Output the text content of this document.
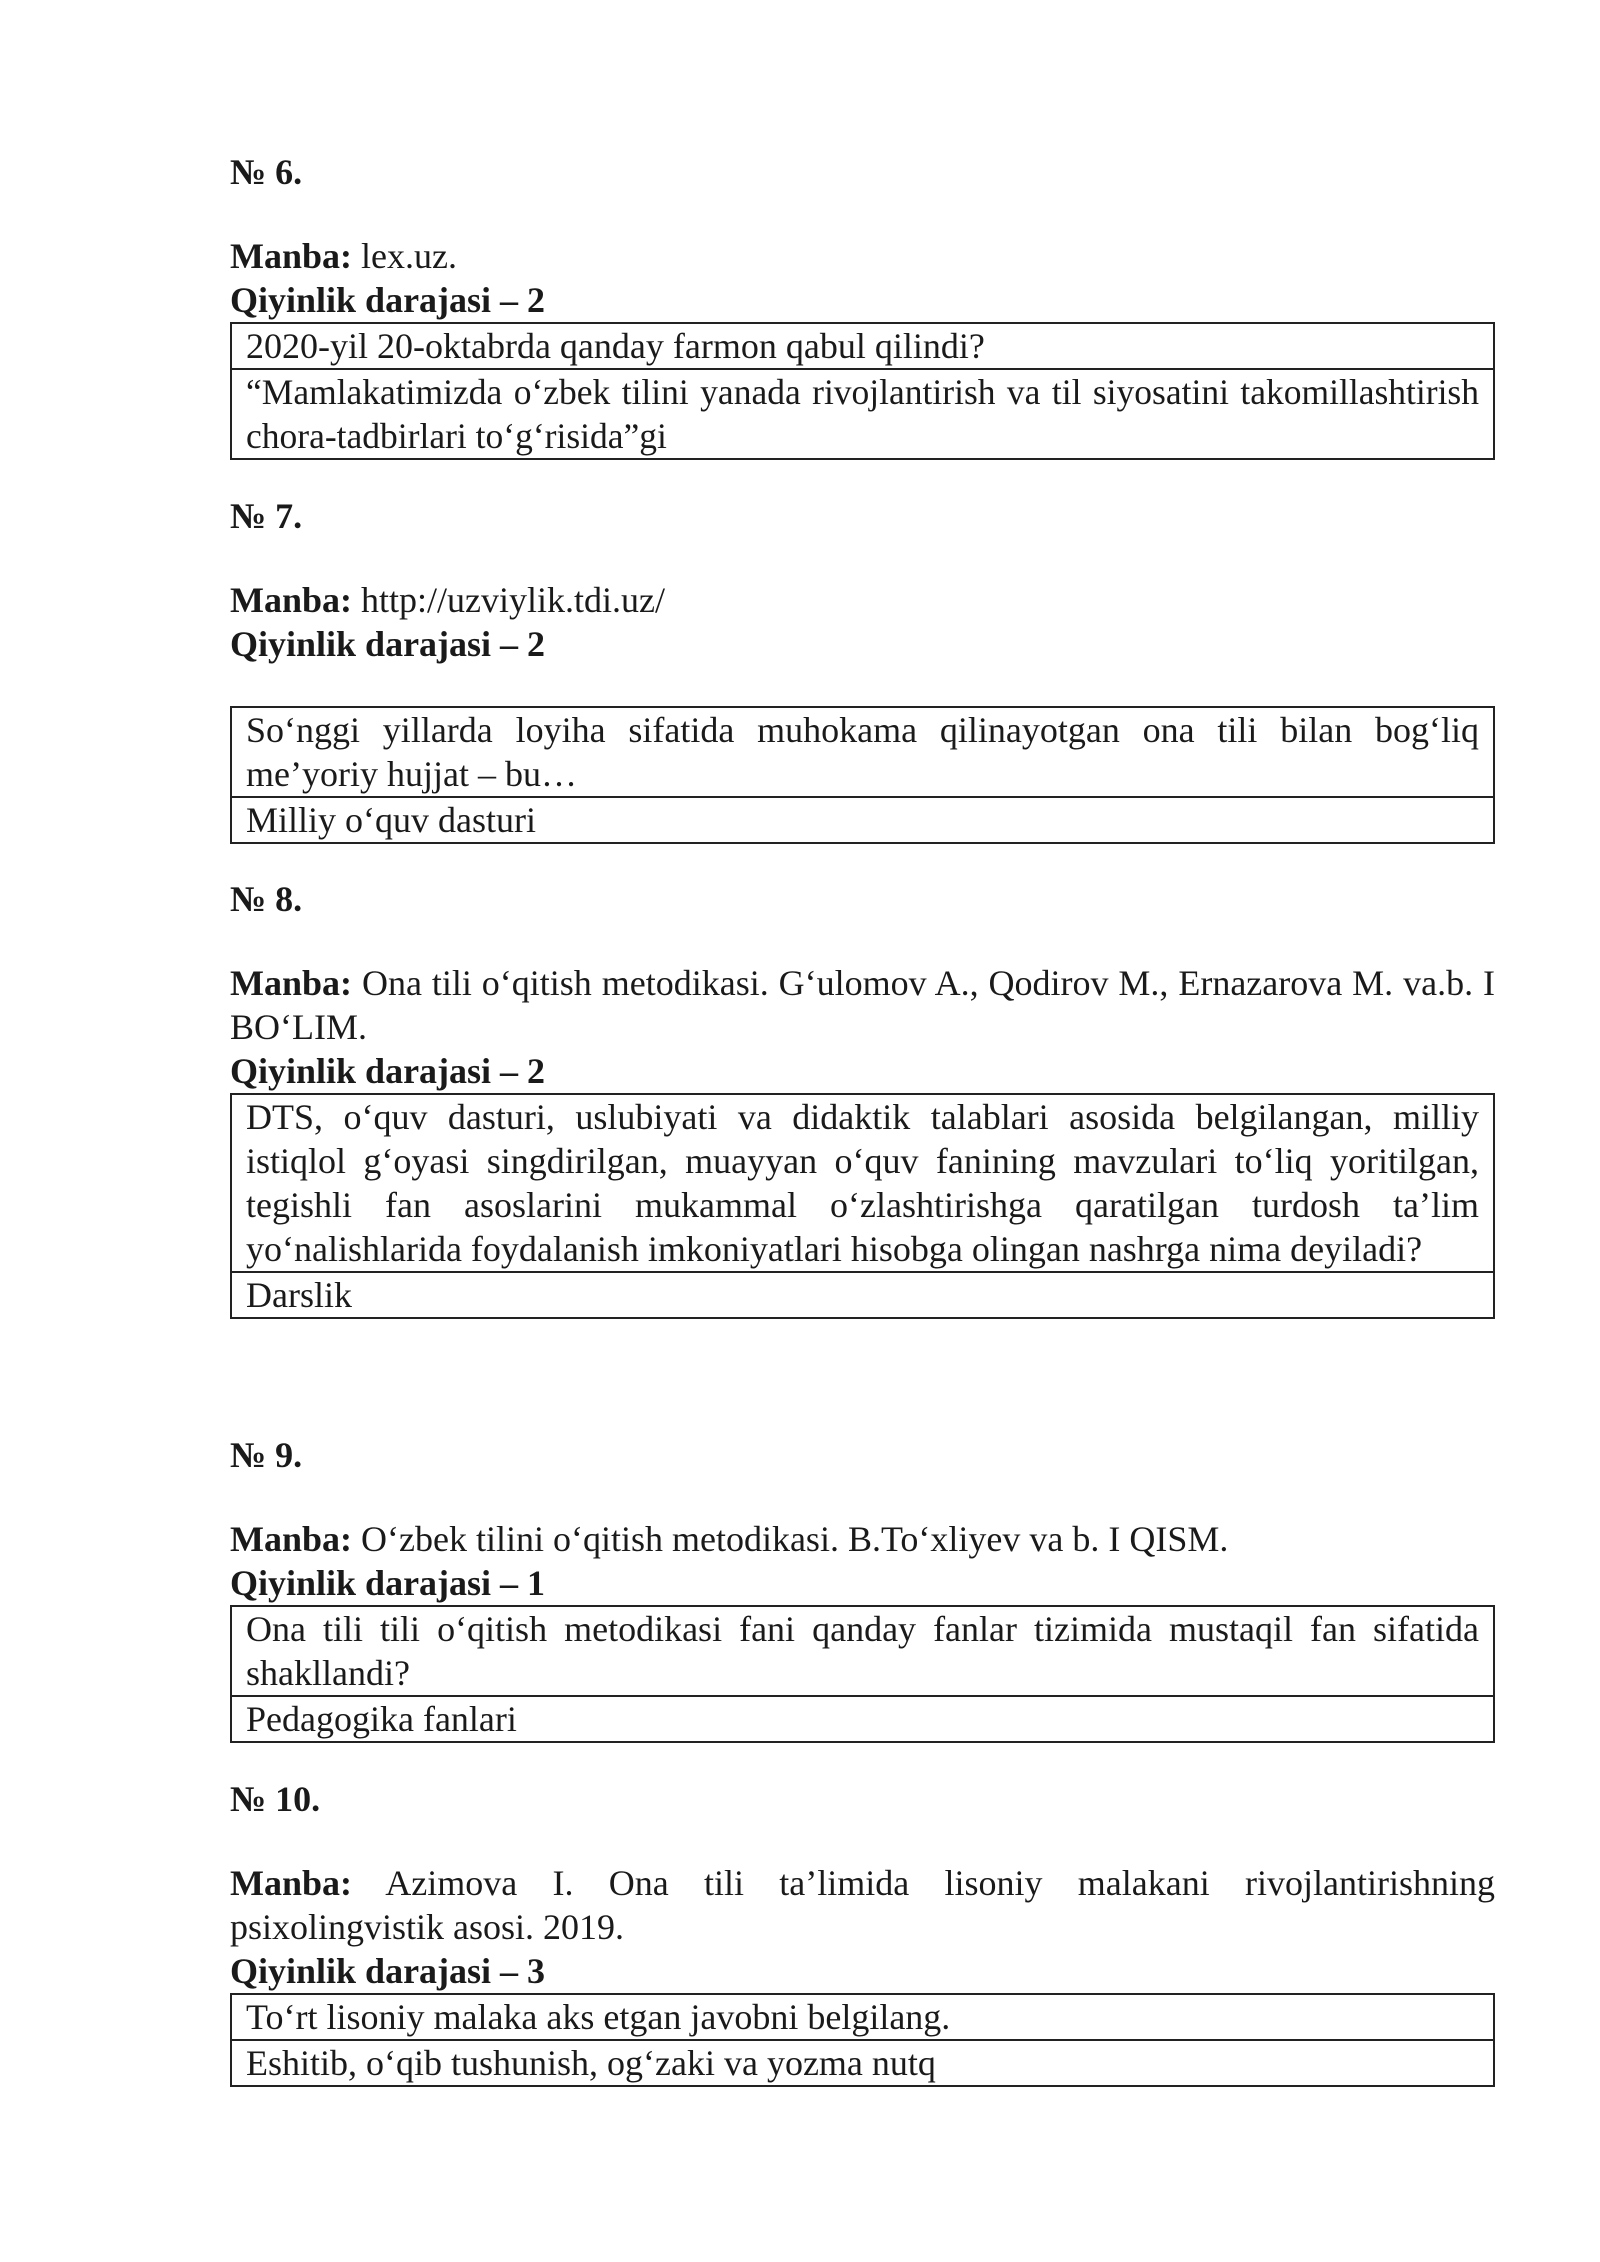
№ 6.
Manba: lex.uz.
Qiyinlik darajasi – 2
2020-yil 20-oktabrda qanday farmon qabul qilindi?
“Mamlakatimizda o‘zbek tilini yanada rivojlantirish va til siyosatini takomillashtirish chora-tadbirlari to‘g‘risida”gi
№ 7.
Manba: http://uzviylik.tdi.uz/
Qiyinlik darajasi – 2
So‘nggi yillarda loyiha sifatida muhokama qilinayotgan ona tili bilan bog‘liq me’yoriy hujjat – bu…
Milliy o‘quv dasturi
№ 8.
Manba: Ona tili o‘qitish metodikasi. G‘ulomov A., Qodirov M., Ernazarova M. va.b. I BO‘LIM.
Qiyinlik darajasi – 2
DTS, o‘quv dasturi, uslubiyati va didaktik talablari asosida belgilangan, milliy istiqlol g‘oyasi singdirilgan, muayyan o‘quv fanining mavzulari to‘liq yoritilgan, tegishli fan asoslarini mukammal o‘zlashtirishga qaratilgan turdosh ta’lim yo‘nalishlarida foydalanish imkoniyatlari hisobga olingan nashrga nima deyiladi?
Darslik
№ 9.
Manba: O‘zbek tilini o‘qitish metodikasi. B.To‘xliyev va b. I QISM.
Qiyinlik darajasi – 1
Ona tili tili o‘qitish metodikasi fani qanday fanlar tizimida mustaqil fan sifatida shakllandi?
Pedagogika fanlari
№ 10.
Manba: Azimova I. Ona tili ta’limida lisoniy malakani rivojlantirishning psixolingvistik asosi. 2019.
Qiyinlik darajasi – 3
To‘rt lisoniy malaka aks etgan javobni belgilang.
Eshitib, o‘qib tushunish, og‘zaki va yozma nutq
